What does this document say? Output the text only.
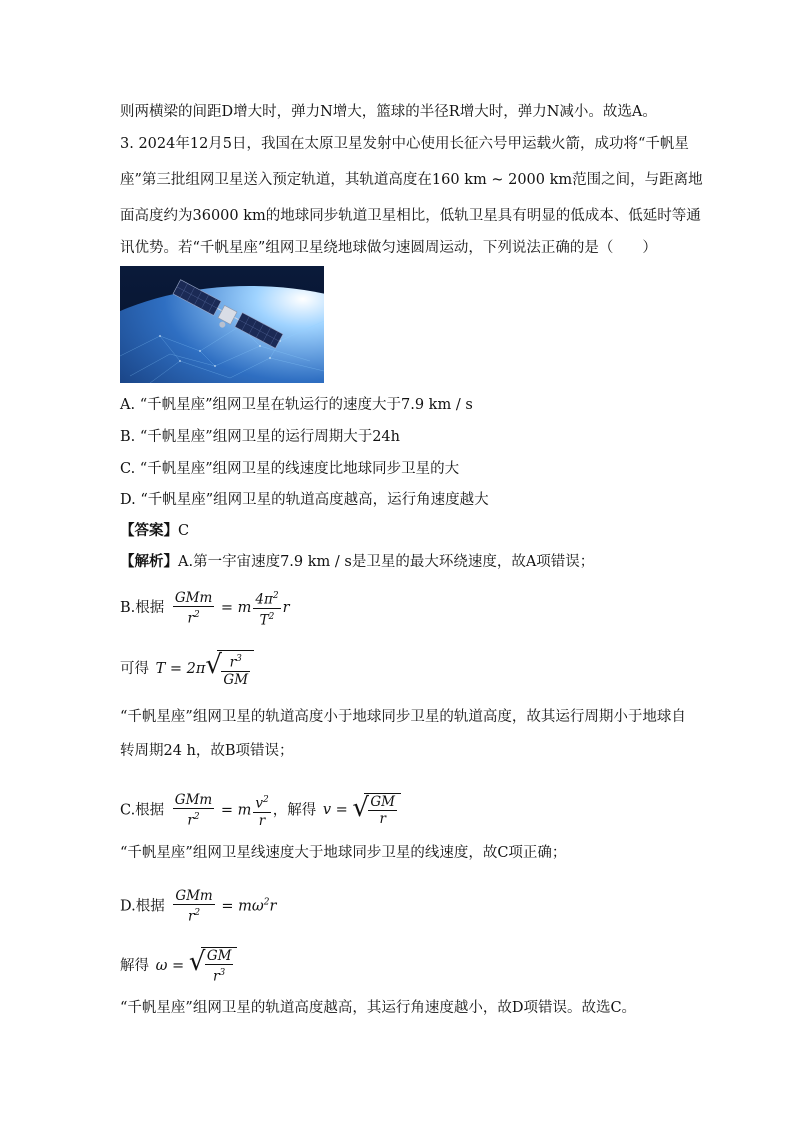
则两横梁的间距D增大时，弹力N增大，篮球的半径R增大时，弹力N减小。故选A。
3. 2024年12月5日，我国在太原卫星发射中心使用长征六号甲运载火箭，成功将“千帆星
座”第三批组网卫星送入预定轨道，其轨道高度在160 km ~ 2000 km范围之间，与距离地
面高度约为36000 km的地球同步轨道卫星相比，低轨卫星具有明显的低成本、低延时等通
讯优势。若“千帆星座”组网卫星绕地球做匀速圆周运动，下列说法正确的是（　　）
A. “千帆星座”组网卫星在轨运行的速度大于7.9 km / s
B. “千帆星座”组网卫星的运行周期大于24h
C. “千帆星座”组网卫星的线速度比地球同步卫星的大
D. “千帆星座”组网卫星的轨道高度越高，运行角速度越大
【答案】C
【解析】A.第一宇宙速度7.9 km / s是卫星的最大环绕速度，故A项错误；
B.根据 $\frac{\text{GMm}}{r^2} = m \frac{4\pi^2}{T^2}$ r
可得 T = 2π √ $\frac{r^3}{GM}$
“千帆星座”组网卫星的轨道高度小于地球同步卫星的轨道高度，故其运行周期小于地球自
转周期24 h，故B项错误；
C.根据 $\frac{\text{GMm}}{r^2} = m \frac{v^2}{r}$ ，解得 v = √ $\frac{GM}{r}$
“千帆星座”组网卫星线速度大于地球同步卫星的线速度，故C项正确；
D.根据 $\frac{\text{GMm}}{r^2} = m\omega^2r$
解得 ω = √ $\frac{GM}{r^3}$
“千帆星座”组网卫星的轨道高度越高，其运行角速度越小，故D项错误。故选C。
